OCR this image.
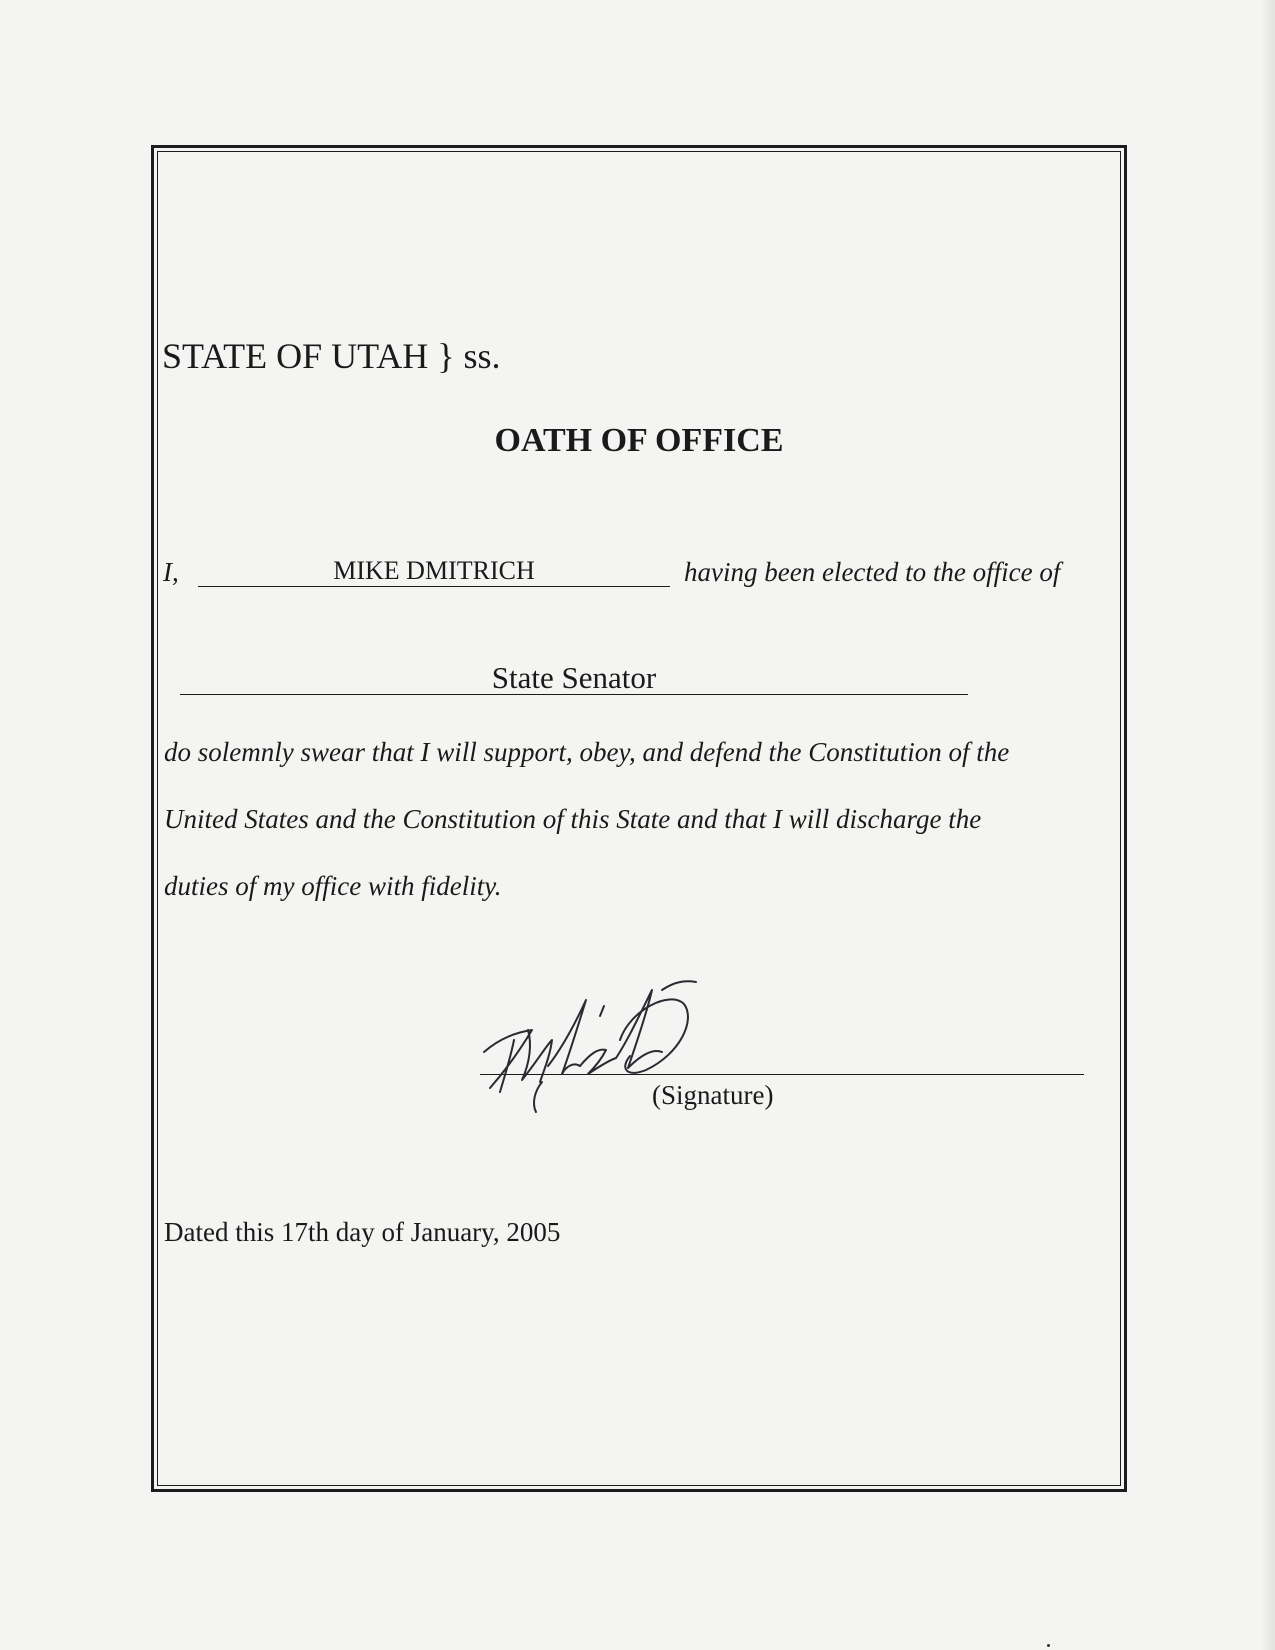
STATE OF UTAH } ss.
OATH OF OFFICE
I,	MIKE DMITRICH	having been elected to the office of
State Senator
do solemnly swear that I will support, obey, and defend the Constitution of the
United States and the Constitution of this State and that I will discharge the
duties of my office with fidelity.
(Signature)
Dated this 17th day of January, 2005
